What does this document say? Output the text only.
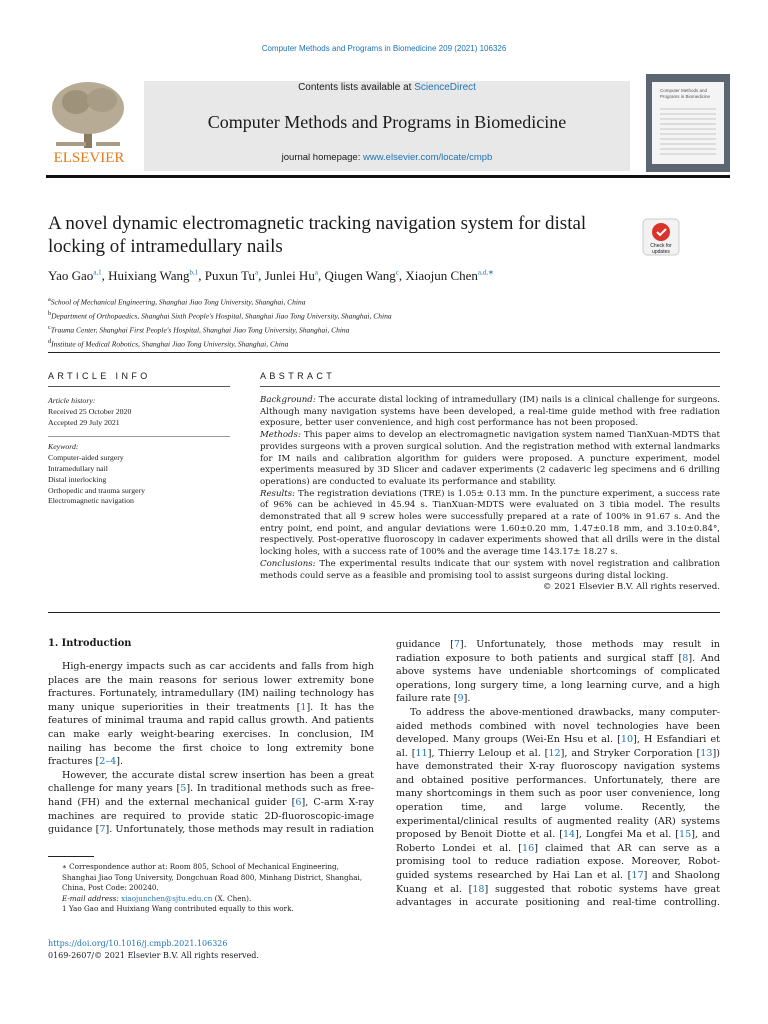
Computer Methods and Programs in Biomedicine 209 (2021) 106326
ELSEVIER
Contents lists available at ScienceDirect
Computer Methods and Programs in Biomedicine
journal homepage: www.elsevier.com/locate/cmpb
Computer Methods and Programs in Biomedicine
A novel dynamic electromagnetic tracking navigation system for distal locking of intramedullary nails	Check for updates
Yao Gao$^{a,1}$, Huixiang Wang$^{b,1}$, Puxun Tu$^a$, Junlei Hu$^a$, Qiugen Wang$^c$, Xiaojun Chen$^{a,d,∗}$
$^a$School of Mechanical Engineering, Shanghai Jiao Tong University, Shanghai, China
$^b$Department of Orthopaedics, Shanghai Sixth People's Hospital, Shanghai Jiao Tong University, Shanghai, China
$^c$Trauma Center, Shanghai First People's Hospital, Shanghai Jiao Tong University, Shanghai, China
$^d$Institute of Medical Robotics, Shanghai Jiao Tong University, Shanghai, China
ARTICLE INFO	ABSTRACT
Article history:
Received 25 October 2020
Accepted 29 July 2021
Keyword:
Computer-aided surgery
Intramedullary nail
Distal interlocking
Orthopedic and trauma surgery
Electromagnetic navigation

Background: The accurate distal locking of intramedullary (IM) nails is a clinical challenge for surgeons. Although many navigation systems have been developed, a real-time guide method with free radiation exposure, better user convenience, and high cost performance has not been proposed.

Methods: This paper aims to develop an electromagnetic navigation system named TianXuan-MDTS that provides surgeons with a proven surgical solution. And the registration method with external landmarks for IM nails and calibration algorithm for guiders were proposed. A puncture experiment, model experiments measured by 3D Slicer and cadaver experiments (2 cadaveric leg specimens and 6 drilling operations) are conducted to evaluate its performance and stability.

Results: The registration deviations (TRE) is 1.05± 0.13 mm. In the puncture experiment, a success rate of 96% can be achieved in 45.94 s. TianXuan-MDTS were evaluated on 3 tibia model. The results demonstrated that all 9 screw holes were successfully prepared at a rate of 100% in 91.67 s. And the entry point, end point, and angular deviations were 1.60±0.20 mm, 1.47±0.18 mm, and 3.10±0.84°, respectively. Post-operative fluoroscopy in cadaver experiments showed that all drills were in the distal locking holes, with a success rate of 100% and the average time 143.17± 18.27 s.

Conclusions: The experimental results indicate that our system with novel registration and calibration methods could serve as a feasible and promising tool to assist surgeons during distal locking.

© 2021 Elsevier B.V. All rights reserved.

1. Introduction

High-energy impacts such as car accidents and falls from high places are the main reasons for serious lower extremity bone fractures. Fortunately, intramedullary (IM) nailing technology has many unique superiorities in their treatments [1]. It has the features of minimal trauma and rapid callus growth. And patients can make early weight-bearing exercises. In conclusion, IM nailing has become the first choice to long extremity bone fractures [2–4].

However, the accurate distal screw insertion has been a great challenge for many years [5]. In traditional methods such as free-hand (FH) and the external mechanical guider [6], C-arm X-ray machines are required to provide static 2D-fluoroscopic-image guidance [7]. Unfortunately, those methods may result in radiation

guidance [7]. Unfortunately, those methods may result in radiation exposure to both patients and surgical staff [8]. And above systems have undeniable shortcomings of complicated operations, long surgery time, a long learning curve, and a high failure rate [9].

To address the above-mentioned drawbacks, many computer-aided methods combined with novel technologies have been developed. Many groups (Wei-En Hsu et al. [10], H Esfandiari et al. [11], Thierry Leloup et al. [12], and Stryker Corporation [13]) have demonstrated their X-ray fluoroscopy navigation systems and obtained positive performances. Unfortunately, there are many shortcomings in them such as poor user convenience, long operation time, and large volume. Recently, the experimental/clinical results of augmented reality (AR) systems proposed by Benoit Diotte et al. [14], Longfei Ma et al. [15], and Roberto Londei et al. [16] claimed that AR can serve as a promising tool to reduce radiation expose. Moreover, Robot-guided systems researched by Hai Lan et al. [17] and Shaolong Kuang et al. [18] suggested that robotic systems have great advantages in accurate positioning and real-time controlling.

∗ Correspondence author at: Room 805, School of Mechanical Engineering, Shanghai Jiao Tong University, Dongchuan Road 800, Minhang District, Shanghai, China, Post Code: 200240.
E-mail address: xiaojunchen@sjtu.edu.cn (X. Chen).
1 Yao Gao and Huixiang Wang contributed equally to this work.
https://doi.org/10.1016/j.cmpb.2021.106326
0169-2607/© 2021 Elsevier B.V. All rights reserved.
